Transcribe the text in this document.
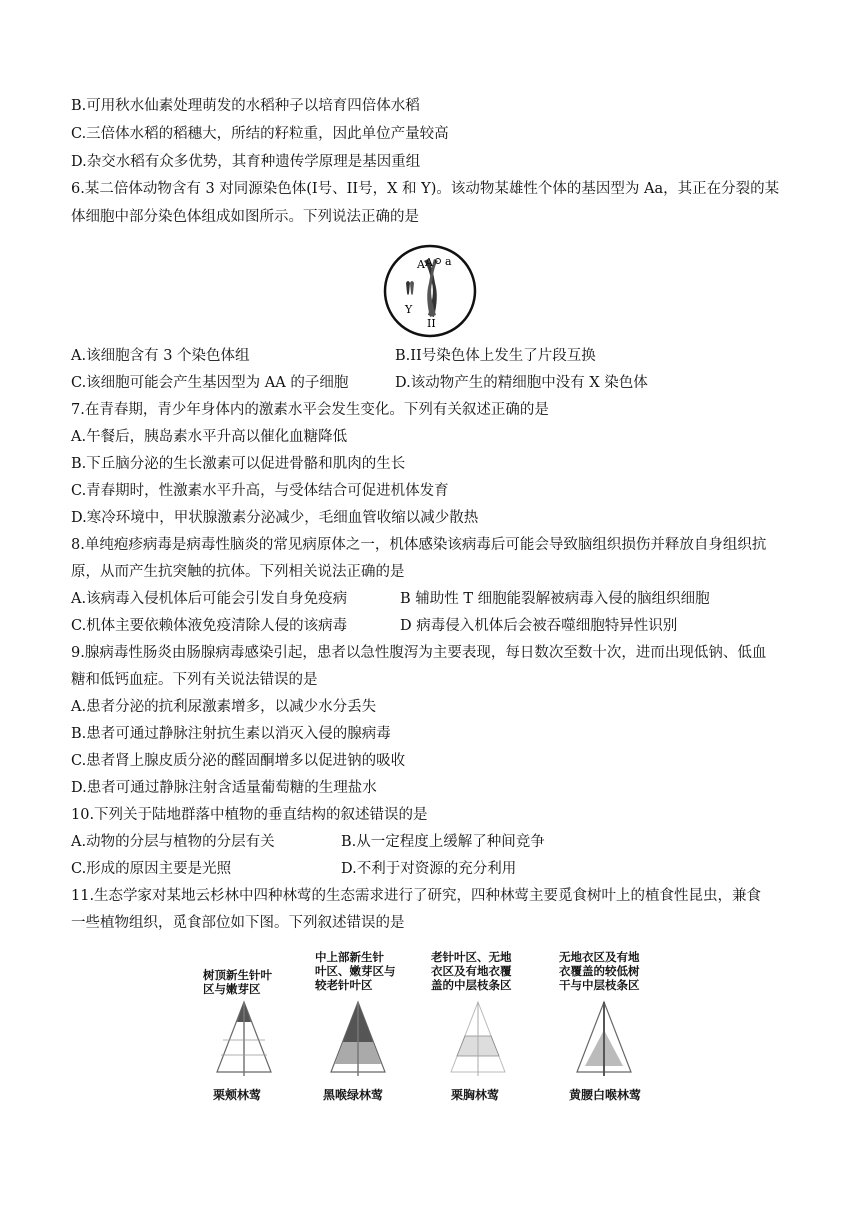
B.可用秋水仙素处理萌发的水稻种子以培育四倍体水稻
C.三倍体水稻的稻穗大，所结的籽粒重，因此单位产量较高
D.杂交水稻有众多优势，其育种遗传学原理是基因重组
6.某二倍体动物含有 3 对同源染色体(I号、II号，X 和 Y)。该动物某雄性个体的基因型为 Aa，其正在分裂的某
体细胞中部分染色体组成如图所示。下列说法正确的是
A A a
Y
II
A.该细胞含有 3 个染色体组	B.II号染色体上发生了片段互换
C.该细胞可能会产生基因型为 AA 的子细胞	D.该动物产生的精细胞中没有 X 染色体
7.在青春期，青少年身体内的激素水平会发生变化。下列有关叙述正确的是
A.午餐后，胰岛素水平升高以催化血糖降低
B.下丘脑分泌的生长激素可以促进骨骼和肌肉的生长
C.青春期时，性激素水平升高，与受体结合可促进机体发育
D.寒冷环境中，甲状腺激素分泌减少，毛细血管收缩以减少散热
8.单纯疱疹病毒是病毒性脑炎的常见病原体之一，机体感染该病毒后可能会导致脑组织损伤并释放自身组织抗
原，从而产生抗突触的抗体。下列相关说法正确的是
A.该病毒入侵机体后可能会引发自身免疫病	B 辅助性 T 细胞能裂解被病毒入侵的脑组织细胞
C.机体主要依赖体液免疫清除人侵的该病毒	D 病毒侵入机体后会被吞噬细胞特异性识别
9.腺病毒性肠炎由肠腺病毒感染引起，患者以急性腹泻为主要表现，每日数次至数十次，进而出现低钠、低血
糖和低钙血症。下列有关说法错误的是
A.患者分泌的抗利尿激素增多，以减少水分丢失
B.患者可通过静脉注射抗生素以消灭入侵的腺病毒
C.患者肾上腺皮质分泌的醛固酮增多以促进钠的吸收
D.患者可通过静脉注射含适量葡萄糖的生理盐水
10.下列关于陆地群落中植物的垂直结构的叙述错误的是
A.动物的分层与植物的分层有关	B.从一定程度上缓解了种间竞争
C.形成的原因主要是光照	D.不利于对资源的充分利用
11.生态学家对某地云杉林中四种林莺的生态需求进行了研究，四种林莺主要觅食树叶上的植食性昆虫，兼食
一些植物组织，觅食部位如下图。下列叙述错误的是
树顶新生针叶
区与嫩芽区
栗颊林莺
中上部新生针
叶区、嫩芽区与
较老针叶区
黑喉绿林莺
老针叶区、无地
衣区及有地衣覆
盖的中层枝条区
栗胸林莺
无地衣区及有地
衣覆盖的较低树
干与中层枝条区
黄腰白喉林莺
